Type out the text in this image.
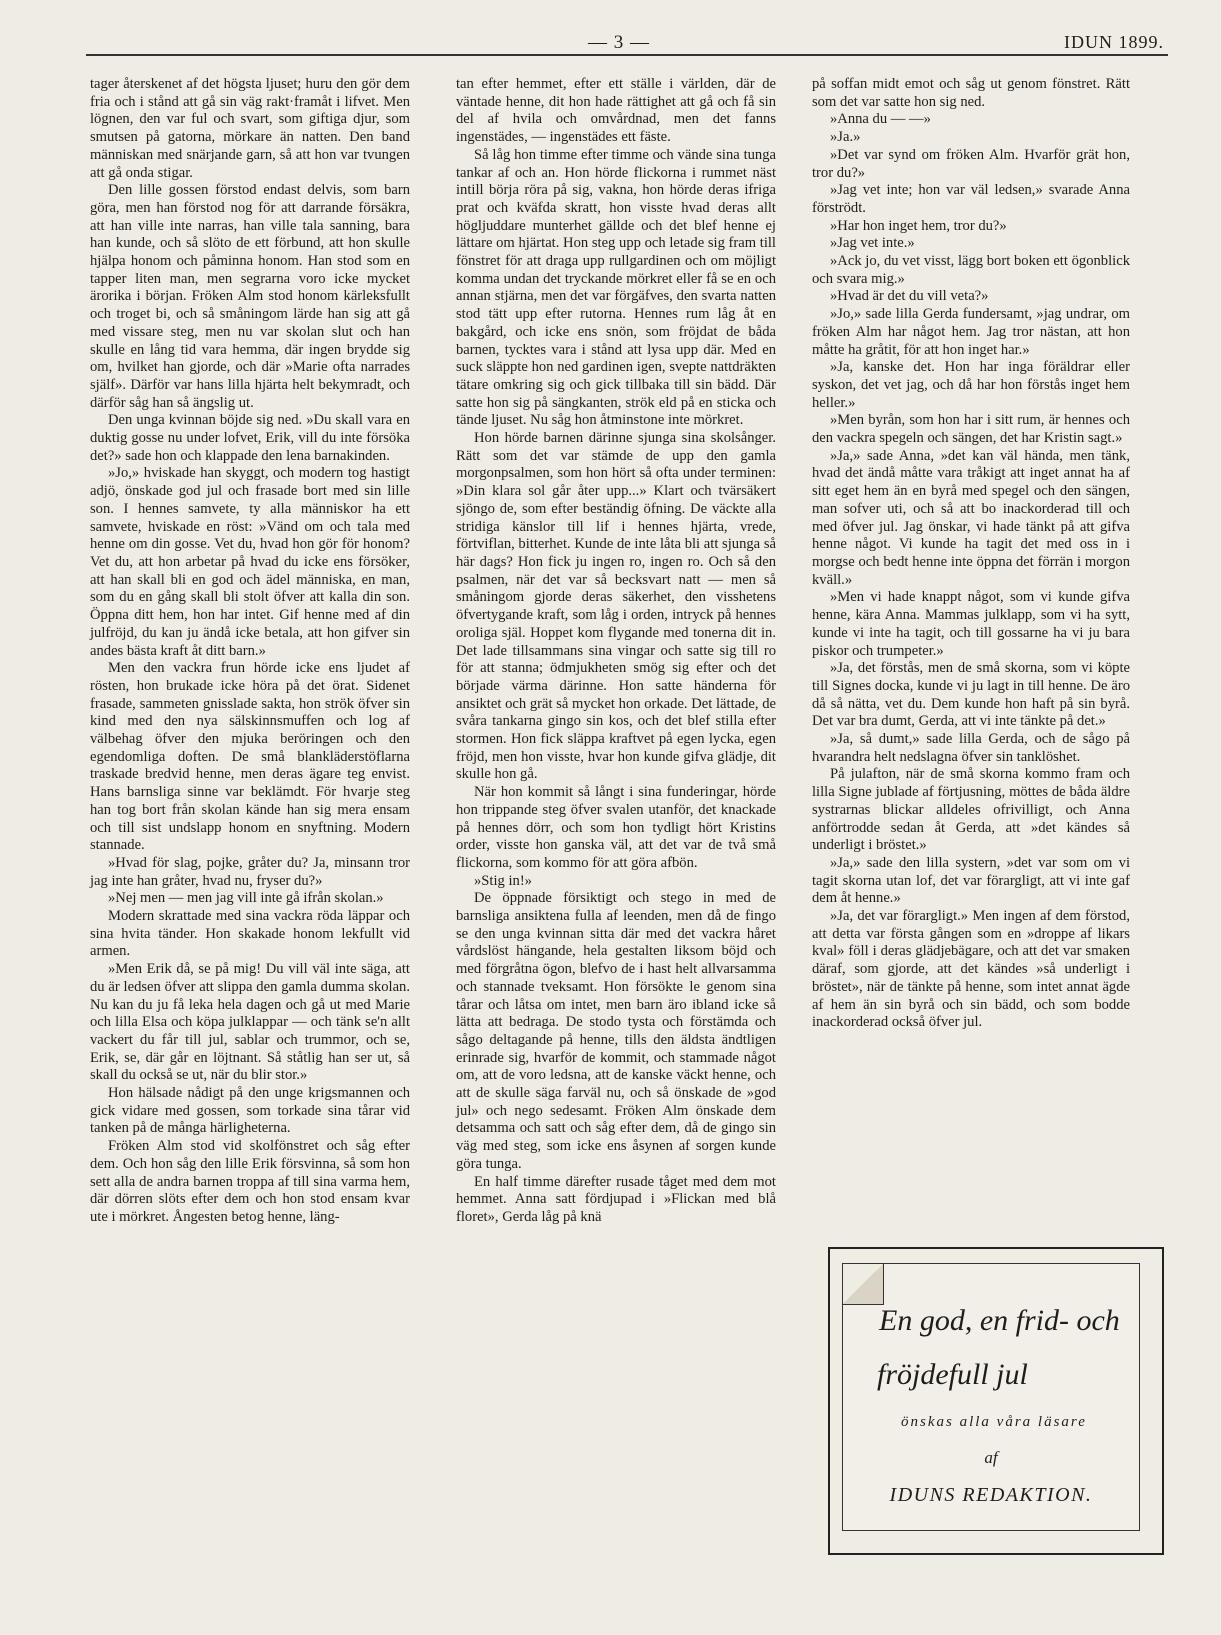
— 3 —	IDUN 1899.

tager återskenet af det högsta ljuset; huru den gör dem fria och i stånd att gå sin väg rakt·framåt i lifvet. Men lögnen, den var ful och svart, som giftiga djur, som smutsen på gatorna, mörkare än natten. Den band människan med snärjande garn, så att hon var tvungen att gå onda stigar.

Den lille gossen förstod endast delvis, som barn göra, men han förstod nog för att darrande försäkra, att han ville inte narras, han ville tala sanning, bara han kunde, och så slöto de ett förbund, att hon skulle hjälpa honom och påminna honom. Han stod som en tapper liten man, men segrarna voro icke mycket ärorika i början. Fröken Alm stod honom kärleksfullt och troget bi, och så småningom lärde han sig att gå med vissare steg, men nu var skolan slut och han skulle en lång tid vara hemma, där ingen brydde sig om, hvilket han gjorde, och där »Marie ofta narrades själf». Därför var hans lilla hjärta helt bekymradt, och därför såg han så ängslig ut.

Den unga kvinnan böjde sig ned. »Du skall vara en duktig gosse nu under lofvet, Erik, vill du inte försöka det?» sade hon och klappade den lena barnakinden.

»Jo,» hviskade han skyggt, och modern tog hastigt adjö, önskade god jul och frasade bort med sin lille son. I hennes samvete, ty alla människor ha ett samvete, hviskade en röst: »Vänd om och tala med henne om din gosse. Vet du, hvad hon gör för honom? Vet du, att hon arbetar på hvad du icke ens försöker, att han skall bli en god och ädel människa, en man, som du en gång skall bli stolt öfver att kalla din son. Öppna ditt hem, hon har intet. Gif henne med af din julfröjd, du kan ju ändå icke betala, att hon gifver sin andes bästa kraft åt ditt barn.»

Men den vackra frun hörde icke ens ljudet af rösten, hon brukade icke höra på det örat. Sidenet frasade, sammeten gnisslade sakta, hon strök öfver sin kind med den nya sälskinnsmuffen och log af välbehag öfver den mjuka beröringen och den egendomliga doften. De små blankläderstöflarna traskade bredvid henne, men deras ägare teg envist. Hans barnsliga sinne var beklämdt. För hvarje steg han tog bort från skolan kände han sig mera ensam och till sist undslapp honom en snyftning. Modern stannade.

»Hvad för slag, pojke, gråter du? Ja, minsann tror jag inte han gråter, hvad nu, fryser du?»

»Nej men — men jag vill inte gå ifrån skolan.»

Modern skrattade med sina vackra röda läppar och sina hvita tänder. Hon skakade honom lekfullt vid armen.

»Men Erik då, se på mig! Du vill väl inte säga, att du är ledsen öfver att slippa den gamla dumma skolan. Nu kan du ju få leka hela dagen och gå ut med Marie och lilla Elsa och köpa julklappar — och tänk se'n allt vackert du får till jul, sablar och trummor, och se, Erik, se, där går en löjtnant. Så ståtlig han ser ut, så skall du också se ut, när du blir stor.»

Hon hälsade nådigt på den unge krigsmannen och gick vidare med gossen, som torkade sina tårar vid tanken på de många härligheterna.

Fröken Alm stod vid skolfönstret och såg efter dem. Och hon såg den lille Erik försvinna, så som hon sett alla de andra barnen troppa af till sina varma hem, där dörren slöts efter dem och hon stod ensam kvar ute i mörkret. Ångesten betog henne, läng-

tan efter hemmet, efter ett ställe i världen, där de väntade henne, dit hon hade rättighet att gå och få sin del af hvila och omvårdnad, men det fanns ingenstädes, — ingenstädes ett fäste.

Så låg hon timme efter timme och vände sina tunga tankar af och an. Hon hörde flickorna i rummet näst intill börja röra på sig, vakna, hon hörde deras ifriga prat och kväfda skratt, hon visste hvad deras allt högljuddare munterhet gällde och det blef henne ej lättare om hjärtat. Hon steg upp och letade sig fram till fönstret för att draga upp rullgardinen och om möjligt komma undan det tryckande mörkret eller få se en och annan stjärna, men det var förgäfves, den svarta natten stod tätt upp efter rutorna. Hennes rum låg åt en bakgård, och icke ens snön, som fröjdat de båda barnen, tycktes vara i stånd att lysa upp där. Med en suck släppte hon ned gardinen igen, svepte nattdräkten tätare omkring sig och gick tillbaka till sin bädd. Där satte hon sig på sängkanten, strök eld på en sticka och tände ljuset. Nu såg hon åtminstone inte mörkret.

Hon hörde barnen därinne sjunga sina skolsånger. Rätt som det var stämde de upp den gamla morgonpsalmen, som hon hört så ofta under terminen: »Din klara sol går åter upp...» Klart och tvärsäkert sjöngo de, som efter beständig öfning. De väckte alla stridiga känslor till lif i hennes hjärta, vrede, förtviflan, bitterhet. Kunde de inte låta bli att sjunga så här dags? Hon fick ju ingen ro, ingen ro. Och så den psalmen, när det var så becksvart natt — men så småningom gjorde deras säkerhet, den visshetens öfvertygande kraft, som låg i orden, intryck på hennes oroliga själ. Hoppet kom flygande med tonerna dit in. Det lade tillsammans sina vingar och satte sig till ro för att stanna; ödmjukheten smög sig efter och det började värma därinne. Hon satte händerna för ansiktet och grät så mycket hon orkade. Det lättade, de svåra tankarna gingo sin kos, och det blef stilla efter stormen. Hon fick släppa kraftvet på egen lycka, egen fröjd, men hon visste, hvar hon kunde gifva glädje, dit skulle hon gå.

När hon kommit så långt i sina funderingar, hörde hon trippande steg öfver svalen utanför, det knackade på hennes dörr, och som hon tydligt hört Kristins order, visste hon ganska väl, att det var de två små flickorna, som kommo för att göra afbön.

»Stig in!»

De öppnade försiktigt och stego in med de barnsliga ansiktena fulla af leenden, men då de fingo se den unga kvinnan sitta där med det vackra håret vårdslöst hängande, hela gestalten liksom böjd och med förgråtna ögon, blefvo de i hast helt allvarsamma och stannade tveksamt. Hon försökte le genom sina tårar och låtsa om intet, men barn äro ibland icke så lätta att bedraga. De stodo tysta och förstämda och sågo deltagande på henne, tills den äldsta ändtligen erinrade sig, hvarför de kommit, och stammade något om, att de voro ledsna, att de kanske väckt henne, och att de skulle säga farväl nu, och så önskade de »god jul» och nego sedesamt. Fröken Alm önskade dem detsamma och satt och såg efter dem, då de gingo sin väg med steg, som icke ens åsynen af sorgen kunde göra tunga.

En half timme därefter rusade tåget med dem mot hemmet. Anna satt fördjupad i »Flickan med blå floret», Gerda låg på knä

på soffan midt emot och såg ut genom fönstret. Rätt som det var satte hon sig ned.

»Anna du — —»

»Ja.»

»Det var synd om fröken Alm. Hvarför grät hon, tror du?»

»Jag vet inte; hon var väl ledsen,» svarade Anna förströdt.

»Har hon inget hem, tror du?»

»Jag vet inte.»

»Ack jo, du vet visst, lägg bort boken ett ögonblick och svara mig.»

»Hvad är det du vill veta?»

»Jo,» sade lilla Gerda fundersamt, »jag undrar, om fröken Alm har något hem. Jag tror nästan, att hon måtte ha gråtit, för att hon inget har.»

»Ja, kanske det. Hon har inga föräldrar eller syskon, det vet jag, och då har hon förstås inget hem heller.»

»Men byrån, som hon har i sitt rum, är hennes och den vackra spegeln och sängen, det har Kristin sagt.»

»Ja,» sade Anna, »det kan väl hända, men tänk, hvad det ändå måtte vara tråkigt att inget annat ha af sitt eget hem än en byrå med spegel och den sängen, man sofver uti, och så att bo inackorderad till och med öfver jul. Jag önskar, vi hade tänkt på att gifva henne något. Vi kunde ha tagit det med oss in i morgse och bedt henne inte öppna det förrän i morgon kväll.»

»Men vi hade knappt något, som vi kunde gifva henne, kära Anna. Mammas julklapp, som vi ha sytt, kunde vi inte ha tagit, och till gossarne ha vi ju bara piskor och trumpeter.»

»Ja, det förstås, men de små skorna, som vi köpte till Signes docka, kunde vi ju lagt in till henne. De äro då så nätta, vet du. Dem kunde hon haft på sin byrå. Det var bra dumt, Gerda, att vi inte tänkte på det.»

»Ja, så dumt,» sade lilla Gerda, och de sågo på hvarandra helt nedslagna öfver sin tanklöshet.

På julafton, när de små skorna kommo fram och lilla Signe jublade af förtjusning, möttes de båda äldre systrarnas blickar alldeles ofrivilligt, och Anna anförtrodde sedan åt Gerda, att »det kändes så underligt i bröstet.»

»Ja,» sade den lilla systern, »det var som om vi tagit skorna utan lof, det var förargligt, att vi inte gaf dem åt henne.»

»Ja, det var förargligt.» Men ingen af dem förstod, att detta var första gången som en »droppe af likars kval» föll i deras glädjebägare, och att det var smaken däraf, som gjorde, att det kändes »så underligt i bröstet», när de tänkte på henne, som intet annat ägde af hem än sin byrå och sin bädd, och som bodde inackorderad också öfver jul.

En god, en frid- och
fröjdefull jul
önskas alla våra läsare
af
IDUNS REDAKTION.
